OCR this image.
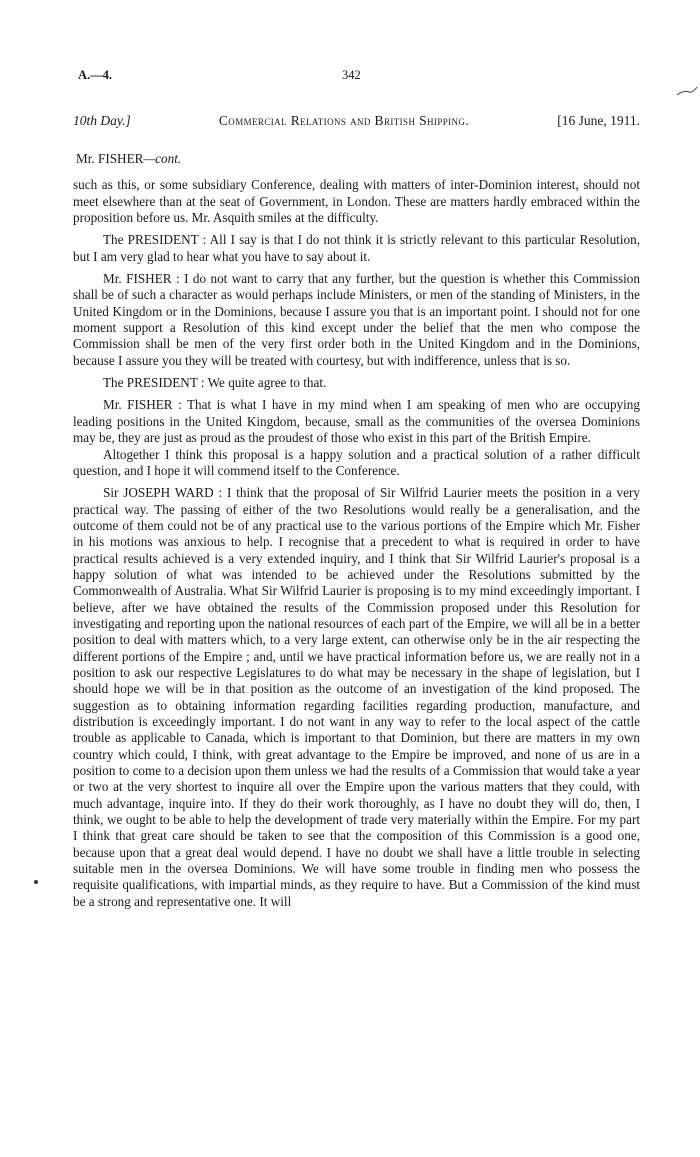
A.—4.	342
10th Day.]	Commercial Relations and British Shipping.	[16 June, 1911.
Mr. FISHER—cont.

such as this, or some subsidiary Conference, dealing with matters of inter-Dominion interest, should not meet elsewhere than at the seat of Government, in London. These are matters hardly embraced within the proposition before us. Mr. Asquith smiles at the difficulty.

The PRESIDENT : All I say is that I do not think it is strictly relevant to this particular Resolution, but I am very glad to hear what you have to say about it.

Mr. FISHER : I do not want to carry that any further, but the question is whether this Commission shall be of such a character as would perhaps include Ministers, or men of the standing of Ministers, in the United Kingdom or in the Dominions, because I assure you that is an important point. I should not for one moment support a Resolution of this kind except under the belief that the men who compose the Commission shall be men of the very first order both in the United Kingdom and in the Dominions, because I assure you they will be treated with courtesy, but with indifference, unless that is so.

The PRESIDENT : We quite agree to that.

Mr. FISHER : That is what I have in my mind when I am speaking of men who are occupying leading positions in the United Kingdom, because, small as the communities of the oversea Dominions may be, they are just as proud as the proudest of those who exist in this part of the British Empire.

Altogether I think this proposal is a happy solution and a practical solution of a rather difficult question, and I hope it will commend itself to the Conference.

Sir JOSEPH WARD : I think that the proposal of Sir Wilfrid Laurier meets the position in a very practical way. The passing of either of the two Resolutions would really be a generalisation, and the outcome of them could not be of any practical use to the various portions of the Empire which Mr. Fisher in his motions was anxious to help. I recognise that a precedent to what is required in order to have practical results achieved is a very extended inquiry, and I think that Sir Wilfrid Laurier's proposal is a happy solution of what was intended to be achieved under the Resolutions submitted by the Commonwealth of Australia. What Sir Wilfrid Laurier is proposing is to my mind exceedingly important. I believe, after we have obtained the results of the Commission proposed under this Resolution for investigating and reporting upon the national resources of each part of the Empire, we will all be in a better position to deal with matters which, to a very large extent, can otherwise only be in the air respecting the different portions of the Empire ; and, until we have practical information before us, we are really not in a position to ask our respective Legislatures to do what may be necessary in the shape of legislation, but I should hope we will be in that position as the outcome of an investigation of the kind proposed. The suggestion as to obtaining information regarding facilities regarding production, manufacture, and distribution is exceedingly important. I do not want in any way to refer to the local aspect of the cattle trouble as applicable to Canada, which is important to that Dominion, but there are matters in my own country which could, I think, with great advantage to the Empire be improved, and none of us are in a position to come to a decision upon them unless we had the results of a Commission that would take a year or two at the very shortest to inquire all over the Empire upon the various matters that they could, with much advantage, inquire into. If they do their work thoroughly, as I have no doubt they will do, then, I think, we ought to be able to help the development of trade very materially within the Empire. For my part I think that great care should be taken to see that the composition of this Commission is a good one, because upon that a great deal would depend. I have no doubt we shall have a little trouble in selecting suitable men in the oversea Dominions. We will have some trouble in finding men who possess the requisite qualifications, with impartial minds, as they require to have. But a Commission of the kind must be a strong and representative one. It will
